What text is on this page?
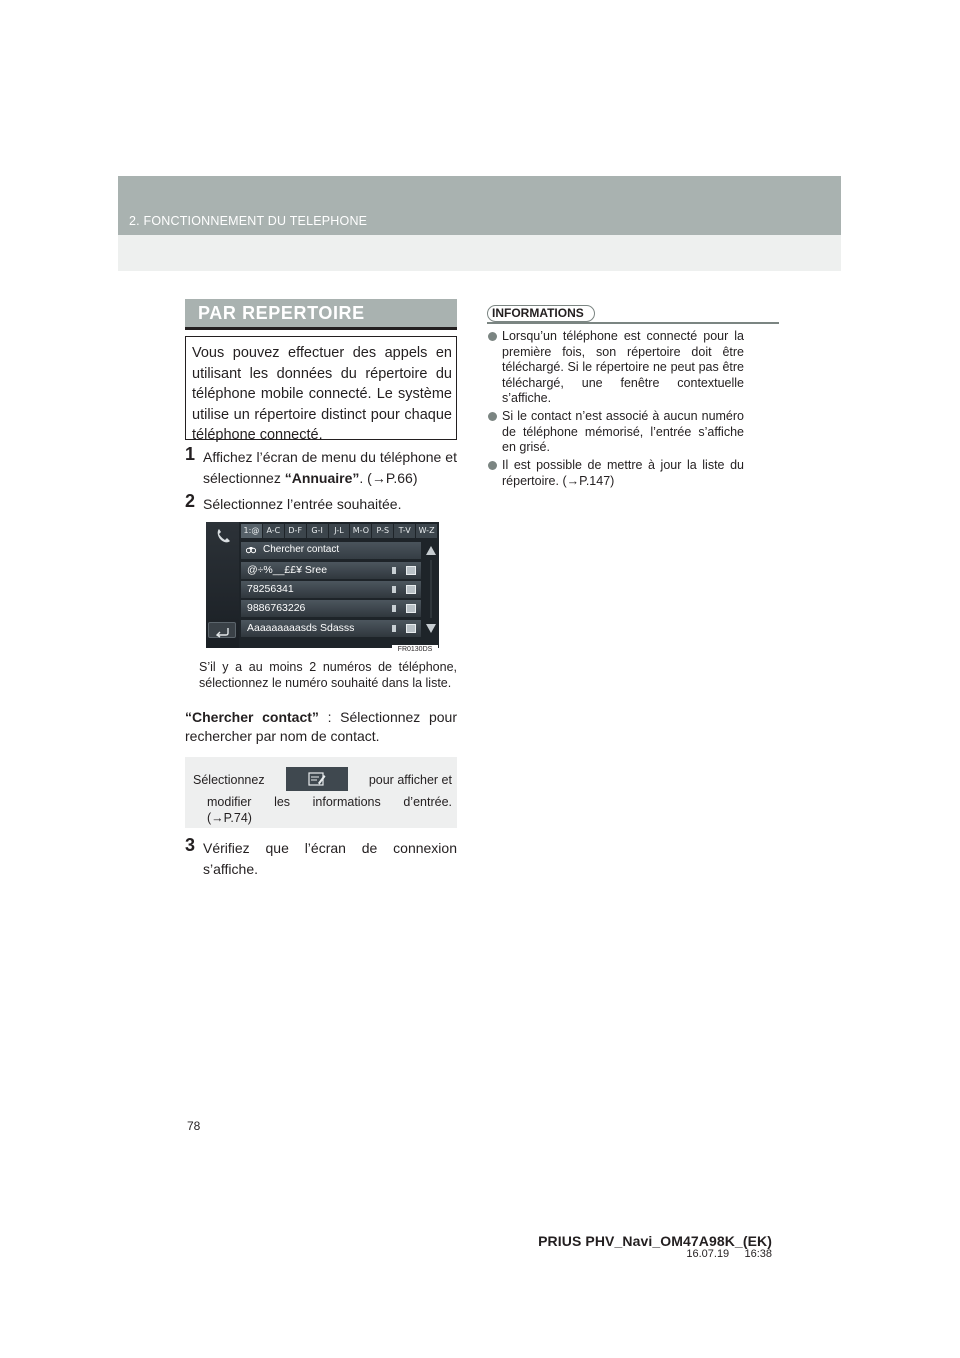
2. FONCTIONNEMENT DU TELEPHONE
PAR REPERTOIRE
Vous pouvez effectuer des appels en utilisant les données du répertoire du téléphone mobile connecté. Le système utilise un répertoire distinct pour chaque téléphone connecté.
1 Affichez l’écran de menu du téléphone et sélectionnez “Annuaire”. (→P.66)
2 Sélectionnez l’entrée souhaitée.
1:@ A-C	D-F	G-I	J-L	M-O P-S	T-V W-Z
Chercher contact
@÷%__££¥ Sree
78256341
9886763226
Aaaaaaaaasds Sdasss
FR0130DS
S’il y a au moins 2 numéros de téléphone, sélectionnez le numéro souhaité dans la liste.
“Chercher contact” : Sélectionnez pour rechercher par nom de contact.
Sélectionnez	pour afficher et
modifier les informations d’entrée.
(→P.74)
3 Vérifiez que l’écran de connexion s’affiche.
INFORMATIONS
Lorsqu’un téléphone est connecté pour la première fois, son répertoire doit être téléchargé. Si le répertoire ne peut pas être téléchargé, une fenêtre contextuelle s’affiche.
Si le contact n’est associé à aucun numéro de téléphone mémorisé, l’entrée s’affiche en grisé.
Il est possible de mettre à jour la liste du répertoire. (→P.147)
78
PRIUS PHV_Navi_OM47A98K_(EK)
16.07.19     16:38
